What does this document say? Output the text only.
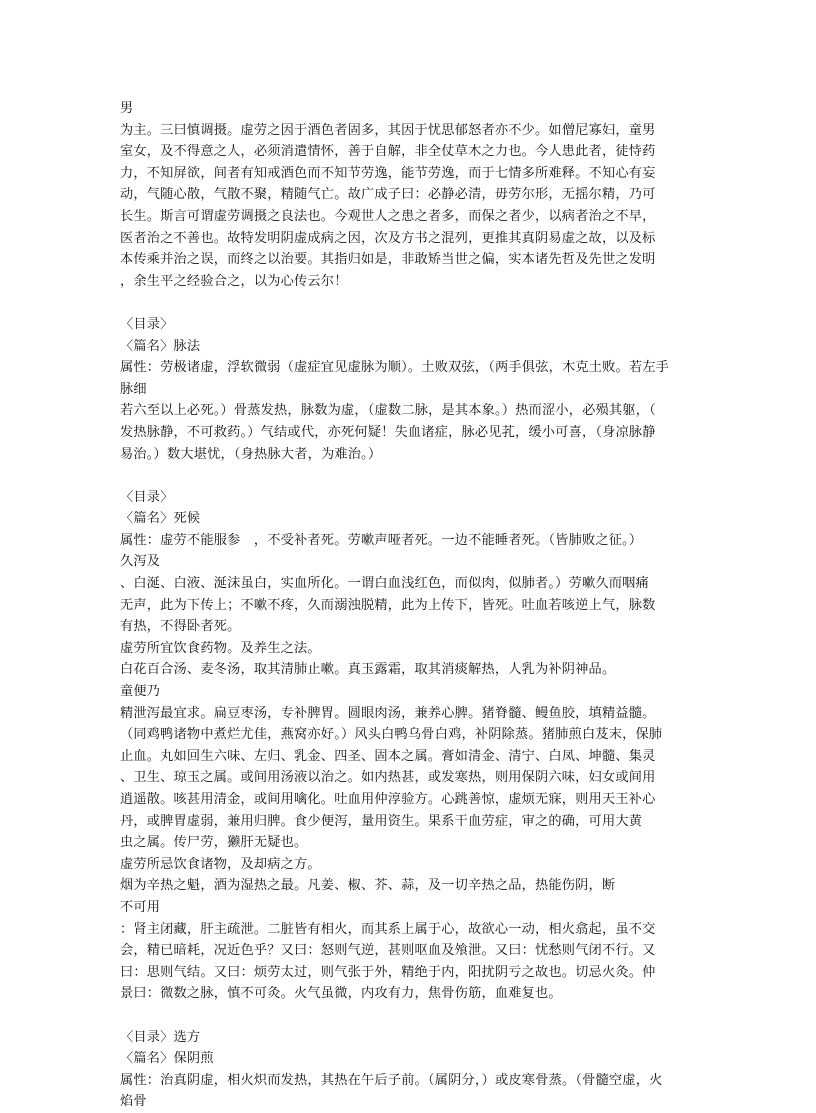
男
为主。三曰慎调摄。虚劳之因于酒色者固多，其因于忧思郁怒者亦不少。如僧尼寡妇，童男
室女，及不得意之人，必须消遣情怀，善于自解，非全仗草木之力也。今人患此者，徒恃药
力，不知屏欲，间者有知戒酒色而不知节劳逸，能节劳逸，而于七情多所难释。不知心有妄
动，气随心散，气散不聚，精随气亡。故广成子曰：必静必清，毋劳尔形，无摇尔精，乃可
长生。斯言可谓虚劳调摄之良法也。今观世人之患之者多，而保之者少，以病者治之不早，
医者治之不善也。故特发明阴虚成病之因，次及方书之混列，更推其真阴易虚之故，以及标
本传乘并治之误，而终之以治要。其指归如是，非敢矫当世之偏，实本诸先哲及先世之发明
，余生平之经验合之，以为心传云尔！
〈目录〉
〈篇名〉脉法
属性：劳极诸虚，浮软微弱（虚症宜见虚脉为顺）。土败双弦，（两手俱弦，木克土败。若左手
脉细
若六至以上必死。）骨蒸发热，脉数为虚，（虚数二脉，是其本象。）热而涩小，必殒其躯，（
发热脉静，不可救药。）气结或代，亦死何疑！失血诸症，脉必见芤，缓小可喜，（身凉脉静
易治。）数大堪忧，（身热脉大者，为难治。）
〈目录〉
〈篇名〉死候
属性：虚劳不能服参　，不受补者死。劳嗽声哑者死。一边不能睡者死。（皆肺败之征。）
久泻及
、白涎、白液、涎沫虽白，实血所化。一谓白血浅红色，而似肉，似肺者。）劳嗽久而咽痛
无声，此为下传上；不嗽不疼，久而溺浊脱精，此为上传下，皆死。吐血若咳逆上气，脉数
有热，不得卧者死。
虚劳所宜饮食药物。及养生之法。
白花百合汤、麦冬汤，取其清肺止嗽。真玉露霜，取其消痰解热，人乳为补阴神品。
童便乃
精泄泻最宜求。扁豆枣汤，专补脾胃。圆眼肉汤，兼养心脾。猪脊髓、鳗鱼胶，填精益髓。
（同鸡鸭诸物中煮烂尤佳，燕窝亦好。）风头白鸭乌骨白鸡，补阴除蒸。猪肺煎白芨末，保肺
止血。丸如回生六味、左归、乳金、四圣、固本之属。膏如清金、清宁、白凤、坤髓、集灵
、卫生、琼玉之属。或间用汤液以治之。如内热甚，或发寒热，则用保阴六味，妇女或间用
逍遥散。咳甚用清金，或间用噙化。吐血用仲淳验方。心跳善惊，虚烦无寐，则用天王补心
丹，或脾胃虚弱，兼用归脾。食少便泻，量用资生。果系干血劳症，审之的确，可用大黄
虫之属。传尸劳，獭肝无疑也。
虚劳所忌饮食诸物，及却病之方。
烟为辛热之魁，酒为湿热之最。凡姜、椒、芥、蒜，及一切辛热之品，热能伤阴，断
不可用
：肾主闭藏，肝主疏泄。二脏皆有相火，而其系上属于心，故欲心一动，相火翕起，虽不交
会，精已暗耗，况近色乎？又曰：怒则气逆，甚则呕血及飧泄。又曰：忧愁则气闭不行。又
曰：思则气结。又曰：烦劳太过，则气张于外，精绝于内，阳扰阴亏之故也。切忌火灸。仲
景曰：微数之脉，慎不可灸。火气虽微，内攻有力，焦骨伤筋，血难复也。
〈目录〉选方
〈篇名〉保阴煎
属性：治真阴虚，相火炽而发热，其热在午后子前。（属阴分，）或皮寒骨蒸。（骨髓空虚，火
焰骨
